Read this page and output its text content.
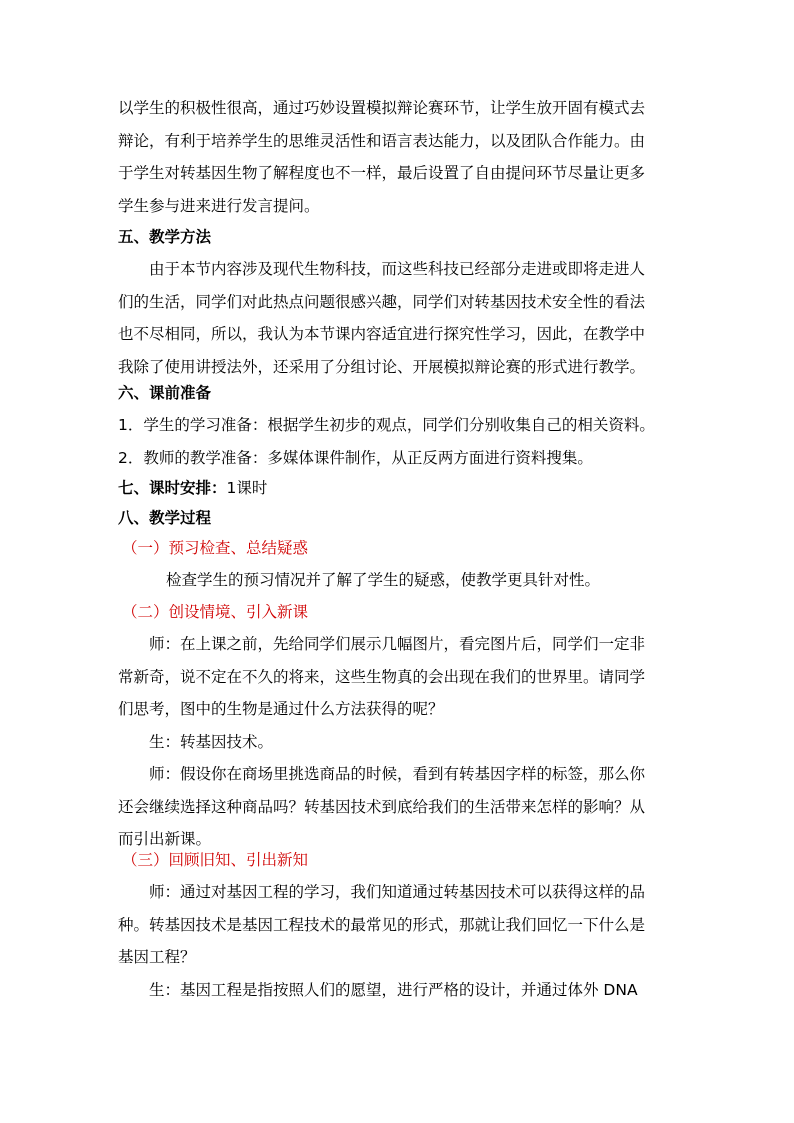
以学生的积极性很高，通过巧妙设置模拟辩论赛环节，让学生放开固有模式去
辩论，有利于培养学生的思维灵活性和语言表达能力，以及团队合作能力。由
于学生对转基因生物了解程度也不一样，最后设置了自由提问环节尽量让更多
学生参与进来进行发言提问。
五、教学方法
由于本节内容涉及现代生物科技，而这些科技已经部分走进或即将走进人
们的生活，同学们对此热点问题很感兴趣，同学们对转基因技术安全性的看法
也不尽相同，所以，我认为本节课内容适宜进行探究性学习，因此，在教学中
我除了使用讲授法外，还采用了分组讨论、开展模拟辩论赛的形式进行教学。
六、课前准备
1．学生的学习准备：根据学生初步的观点，同学们分别收集自己的相关资料。
2．教师的教学准备：多媒体课件制作，从正反两方面进行资料搜集。
七、课时安排：1课时
八、教学过程
（一）预习检查、总结疑惑
检查学生的预习情况并了解了学生的疑惑，使教学更具针对性。
（二）创设情境、引入新课
师：在上课之前，先给同学们展示几幅图片，看完图片后，同学们一定非
常新奇，说不定在不久的将来，这些生物真的会出现在我们的世界里。请同学
们思考，图中的生物是通过什么方法获得的呢？
生：转基因技术。
师：假设你在商场里挑选商品的时候，看到有转基因字样的标签，那么你
还会继续选择这种商品吗？转基因技术到底给我们的生活带来怎样的影响？从
而引出新课。
（三）回顾旧知、引出新知
师：通过对基因工程的学习，我们知道通过转基因技术可以获得这样的品
种。转基因技术是基因工程技术的最常见的形式，那就让我们回忆一下什么是
基因工程？
生：基因工程是指按照人们的愿望，进行严格的设计，并通过体外 DNA
